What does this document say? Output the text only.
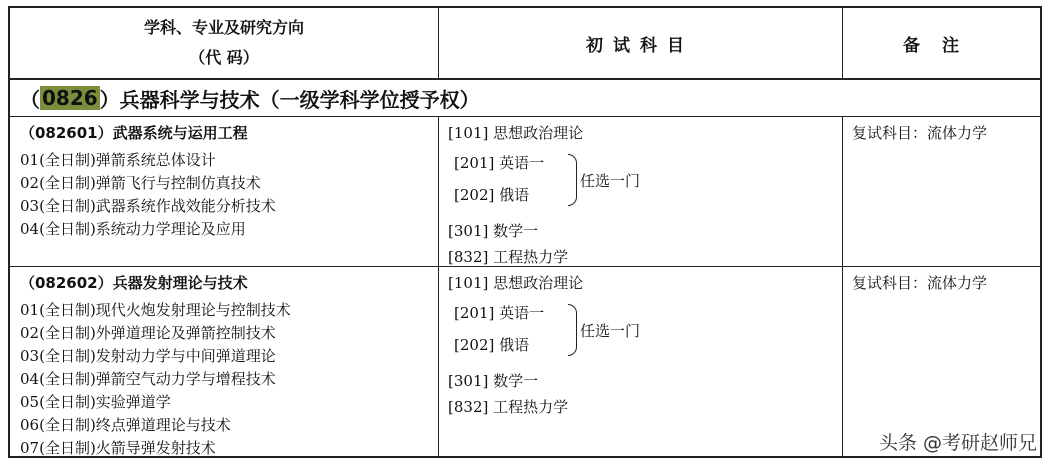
学科、专业及研究方向
（代 码）
初试科目	备注
（ 0826 ）兵器科学与技术（一级学科学位授予权）
（082601）武器系统与运用工程
01(全日制)弹箭系统总体设计
02(全日制)弹箭飞行与控制仿真技术
03(全日制)武器系统作战效能分析技术
04(全日制)系统动力学理论及应用
[101] 思想政治理论
[201] 英语一
[202] 俄语
任选一门
[301] 数学一
[832] 工程热力学
复试科目：流体力学
（082602）兵器发射理论与技术
01(全日制)现代火炮发射理论与控制技术
02(全日制)外弹道理论及弹箭控制技术
03(全日制)发射动力学与中间弹道理论
04(全日制)弹箭空气动力学与增程技术
05(全日制)实验弹道学
06(全日制)终点弹道理论与技术
07(全日制)火箭导弹发射技术
[101] 思想政治理论
[201] 英语一
[202] 俄语
任选一门
[301] 数学一
[832] 工程热力学
复试科目：流体力学
头条 @考研赵师兄
